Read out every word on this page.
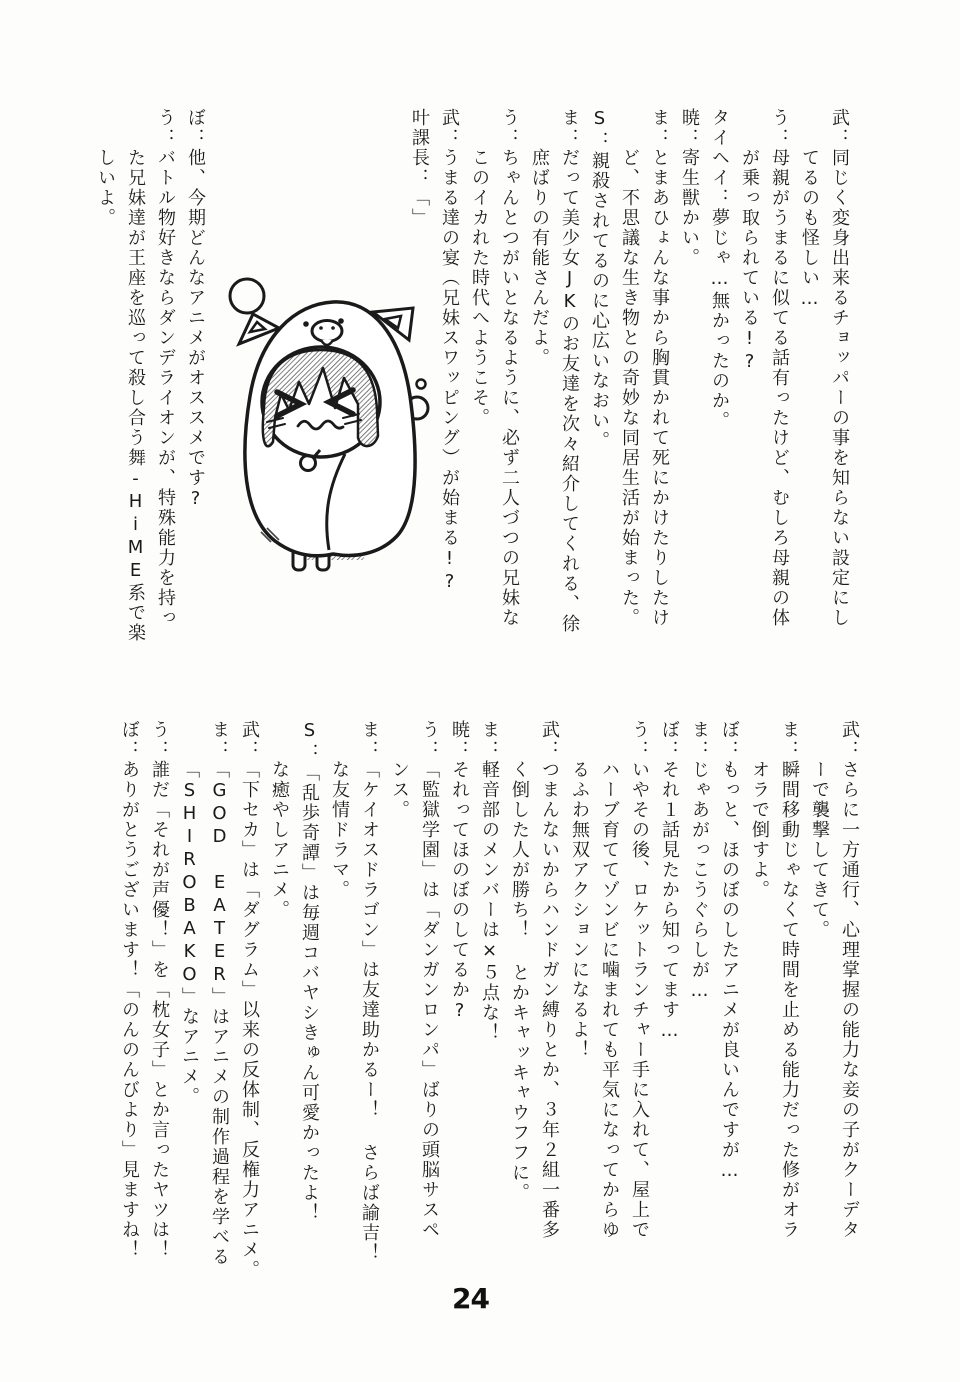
武：同じく変身出来るチョッパーの事を知らない設定にし
てるのも怪しい…
う：母親がうまるに似てる話有ったけど、むしろ母親の体
が乗っ取られている!?
タイヘイ：夢じゃ…無かったのか。
暁：寄生獣かい。
ま：とまあひょんな事から胸貫かれて死にかけたりしたけ
ど、不思議な生き物との奇妙な同居生活が始まった。
S：親殺されてるのに心広いなおい。
ま：だって美少女JKのお友達を次々紹介してくれる、徐
庶ばりの有能さんだよ。
う：ちゃんとつがいとなるように、必ず二人づつの兄妹な
このイカれた時代へようこそ。
武：うまる達の宴（兄妹スワッピング）が始まる!?
叶課長：「」
ぼ：他、今期どんなアニメがオススメです?
う：バトル物好きならダンデライオンが、特殊能力を持っ
た兄妹達が王座を巡って殺し合う舞-HiME系で楽
しいよ。
武：さらに一方通行、心理掌握の能力な妾の子がクーデタ
ーで襲撃してきて。
ま：瞬間移動じゃなくて時間を止める能力だった修がオラ
オラで倒すよ。
ぼ：もっと、ほのぼのしたアニメが良いんですが…
ま：じゃあがっこうぐらしが…
ぼ：それ１話見たから知ってます…
う：いやその後、ロケットランチャー手に入れて、屋上で
ハーブ育ててゾンビに噛まれても平気になってからゆ
るふわ無双アクションになるよ！
武：つまんないからハンドガン縛りとか、３年２組一番多
く倒した人が勝ち！ とかキャッキャウフフに。
ま：軽音部のメンバーは×５点な！
暁：それってほのぼのしてるか?
う：「監獄学園」は「ダンガンロンパ」ばりの頭脳サスペ
ンス。
ま：「ケイオスドラゴン」は友達助かるー！ さらば諭吉！
な友情ドラマ。
S：「乱歩奇譚」は毎週コバヤシきゅん可愛かったよ！
な癒やしアニメ。
武：「下セカ」は「ダグラム」以来の反体制、反権力アニメ。
ま：「GOD EATER」はアニメの制作過程を学べる
「SHIROBAKO」なアニメ。
う：誰だ「それが声優！」を「枕女子」とか言ったヤツは！
ぼ：ありがとうございます！「のんのんびより」見ますね！
24
